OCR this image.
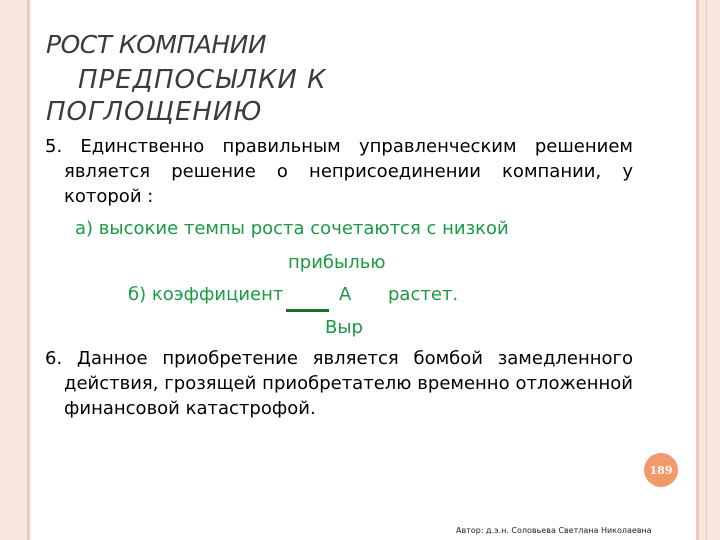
РОСТ КОМПАНИИ
ПРЕДПОСЫЛКИ К
ПОГЛОЩЕНИЮ
5. Единственно правильным управленческим решением является решение о неприсоединении компании, у которой :
а) высокие темпы роста сочетаются с низкой
прибылью
б) коэффициент	А растет.
Выр
6. Данное приобретение является бомбой замедленного действия, грозящей приобретателю временно отложенной финансовой катастрофой.
189
Автор: д.э.н. Соловьева Светлана Николаевна
